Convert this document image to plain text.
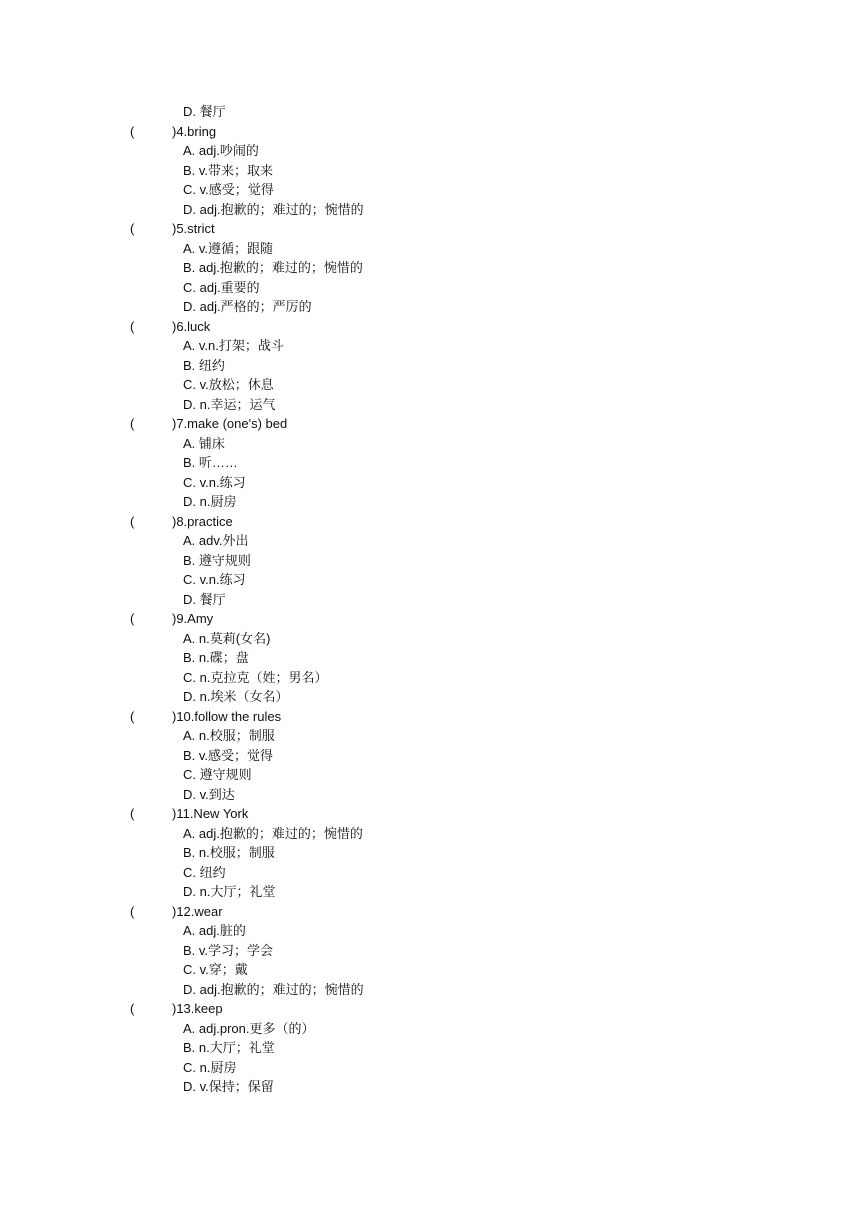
D. 餐厅
(	)4.bring
A. adj.吵闹的
B. v.带来；取来
C. v.感受；觉得
D. adj.抱歉的；难过的；惋惜的
(	)5.strict
A. v.遵循；跟随
B. adj.抱歉的；难过的；惋惜的
C. adj.重要的
D. adj.严格的；严厉的
(	)6.luck
A. v.n.打架；战斗
B. 纽约
C. v.放松；休息
D. n.幸运；运气
(	)7.make (one's) bed
A. 铺床
B. 听……
C. v.n.练习
D. n.厨房
(	)8.practice
A. adv.外出
B. 遵守规则
C. v.n.练习
D. 餐厅
(	)9.Amy
A. n.莫莉(女名)
B. n.碟；盘
C. n.克拉克（姓；男名）
D. n.埃米（女名）
(	)10.follow the rules
A. n.校服；制服
B. v.感受；觉得
C. 遵守规则
D. v.到达
(	)11.New York
A. adj.抱歉的；难过的；惋惜的
B. n.校服；制服
C. 纽约
D. n.大厅；礼堂
(	)12.wear
A. adj.脏的
B. v.学习；学会
C. v.穿；戴
D. adj.抱歉的；难过的；惋惜的
(	)13.keep
A. adj.pron.更多（的）
B. n.大厅；礼堂
C. n.厨房
D. v.保持；保留
